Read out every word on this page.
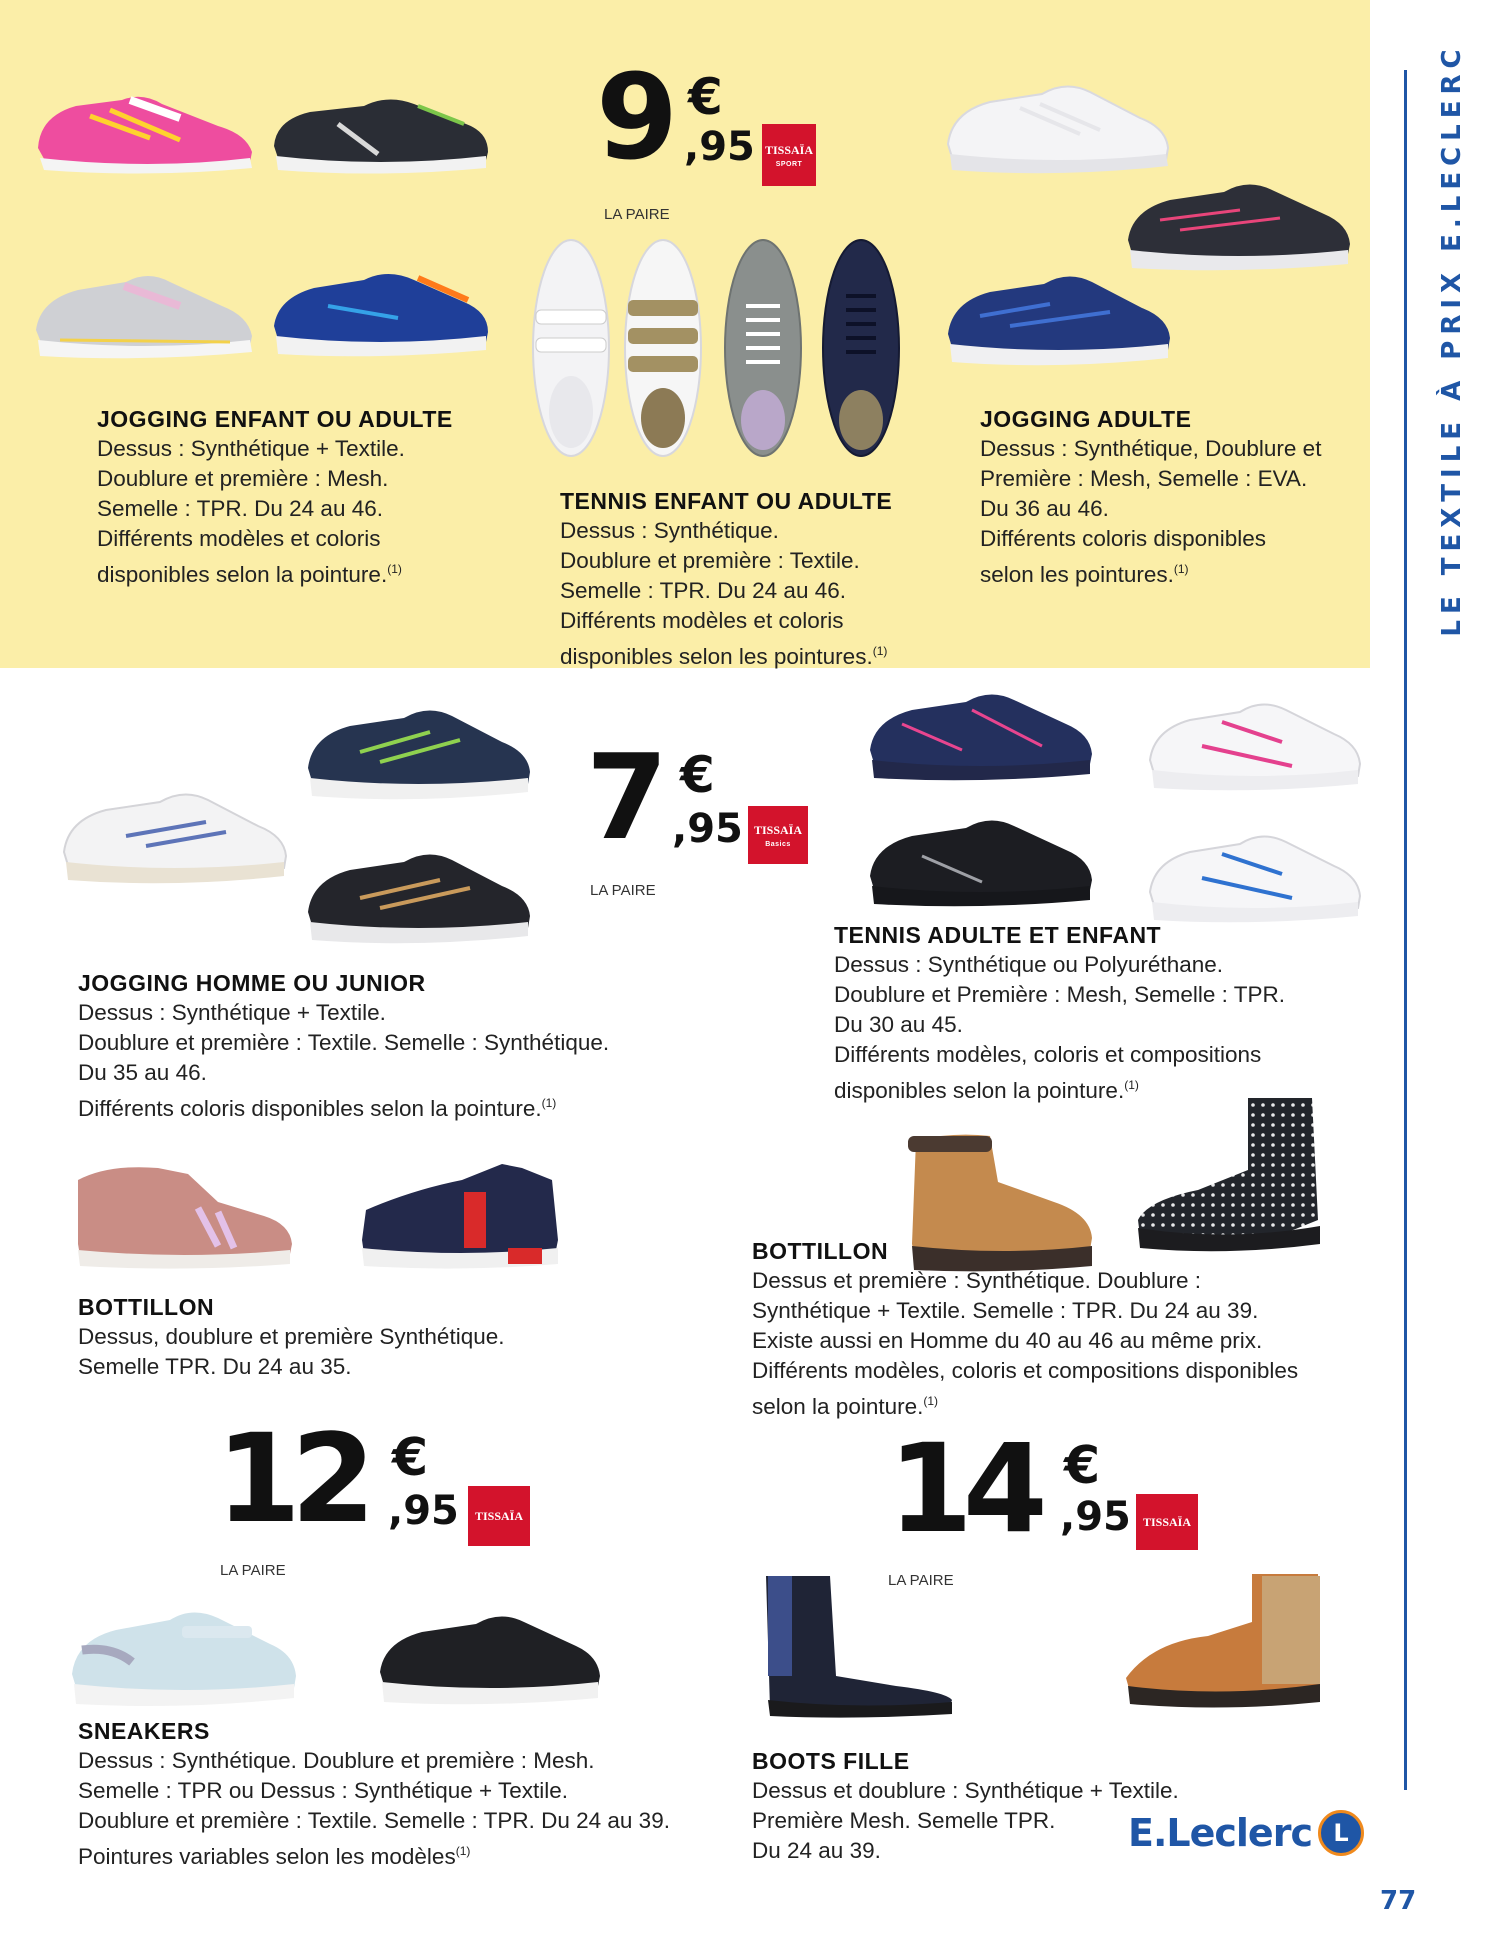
LE TEXTILE À PRIX E.LECLERC
9 €
,95
LA PAIRE
TISSAÏA
SPORT
7 €
,95
LA PAIRE
TISSAÏA
Basics
12 €
,95
LA PAIRE
TISSAÏA	14 €
,95
LA PAIRE
TISSAÏA
JOGGING ENFANT OU ADULTE
Dessus : Synthétique + Textile.
Doublure et première : Mesh.
Semelle : TPR. Du 24 au 46.
Différents modèles et coloris
disponibles selon la pointure.$^{(1)}$
TENNIS ENFANT OU ADULTE
Dessus : Synthétique.
Doublure et première : Textile.
Semelle : TPR. Du 24 au 46.
Différents modèles et coloris
disponibles selon les pointures.$^{(1)}$
JOGGING ADULTE
Dessus : Synthétique, Doublure et
Première : Mesh, Semelle : EVA.
Du 36 au 46.
Différents coloris disponibles
selon les pointures.$^{(1)}$
JOGGING HOMME OU JUNIOR
Dessus : Synthétique + Textile.
Doublure et première : Textile. Semelle : Synthétique.
Du 35 au 46.
Différents coloris disponibles selon la pointure.$^{(1)}$
TENNIS ADULTE ET ENFANT
Dessus : Synthétique ou Polyuréthane.
Doublure et Première : Mesh, Semelle : TPR.
Du 30 au 45.
Différents modèles, coloris et compositions
disponibles selon la pointure.$^{(1)}$
BOTTILLON
Dessus, doublure et première Synthétique.
Semelle TPR. Du 24 au 35.
BOTTILLON
Dessus et première : Synthétique. Doublure :
Synthétique + Textile. Semelle : TPR. Du 24 au 39.
Existe aussi en Homme du 40 au 46 au même prix.
Différents modèles, coloris et compositions disponibles
selon la pointure.$^{(1)}$
SNEAKERS
Dessus : Synthétique. Doublure et première : Mesh.
Semelle : TPR ou Dessus : Synthétique + Textile.
Doublure et première : Textile. Semelle : TPR. Du 24 au 39.
Pointures variables selon les modèles$^{(1)}$
BOOTS FILLE
Dessus et doublure : Synthétique + Textile.
Première Mesh. Semelle TPR.
Du 24 au 39.	E.Leclerc L
77
